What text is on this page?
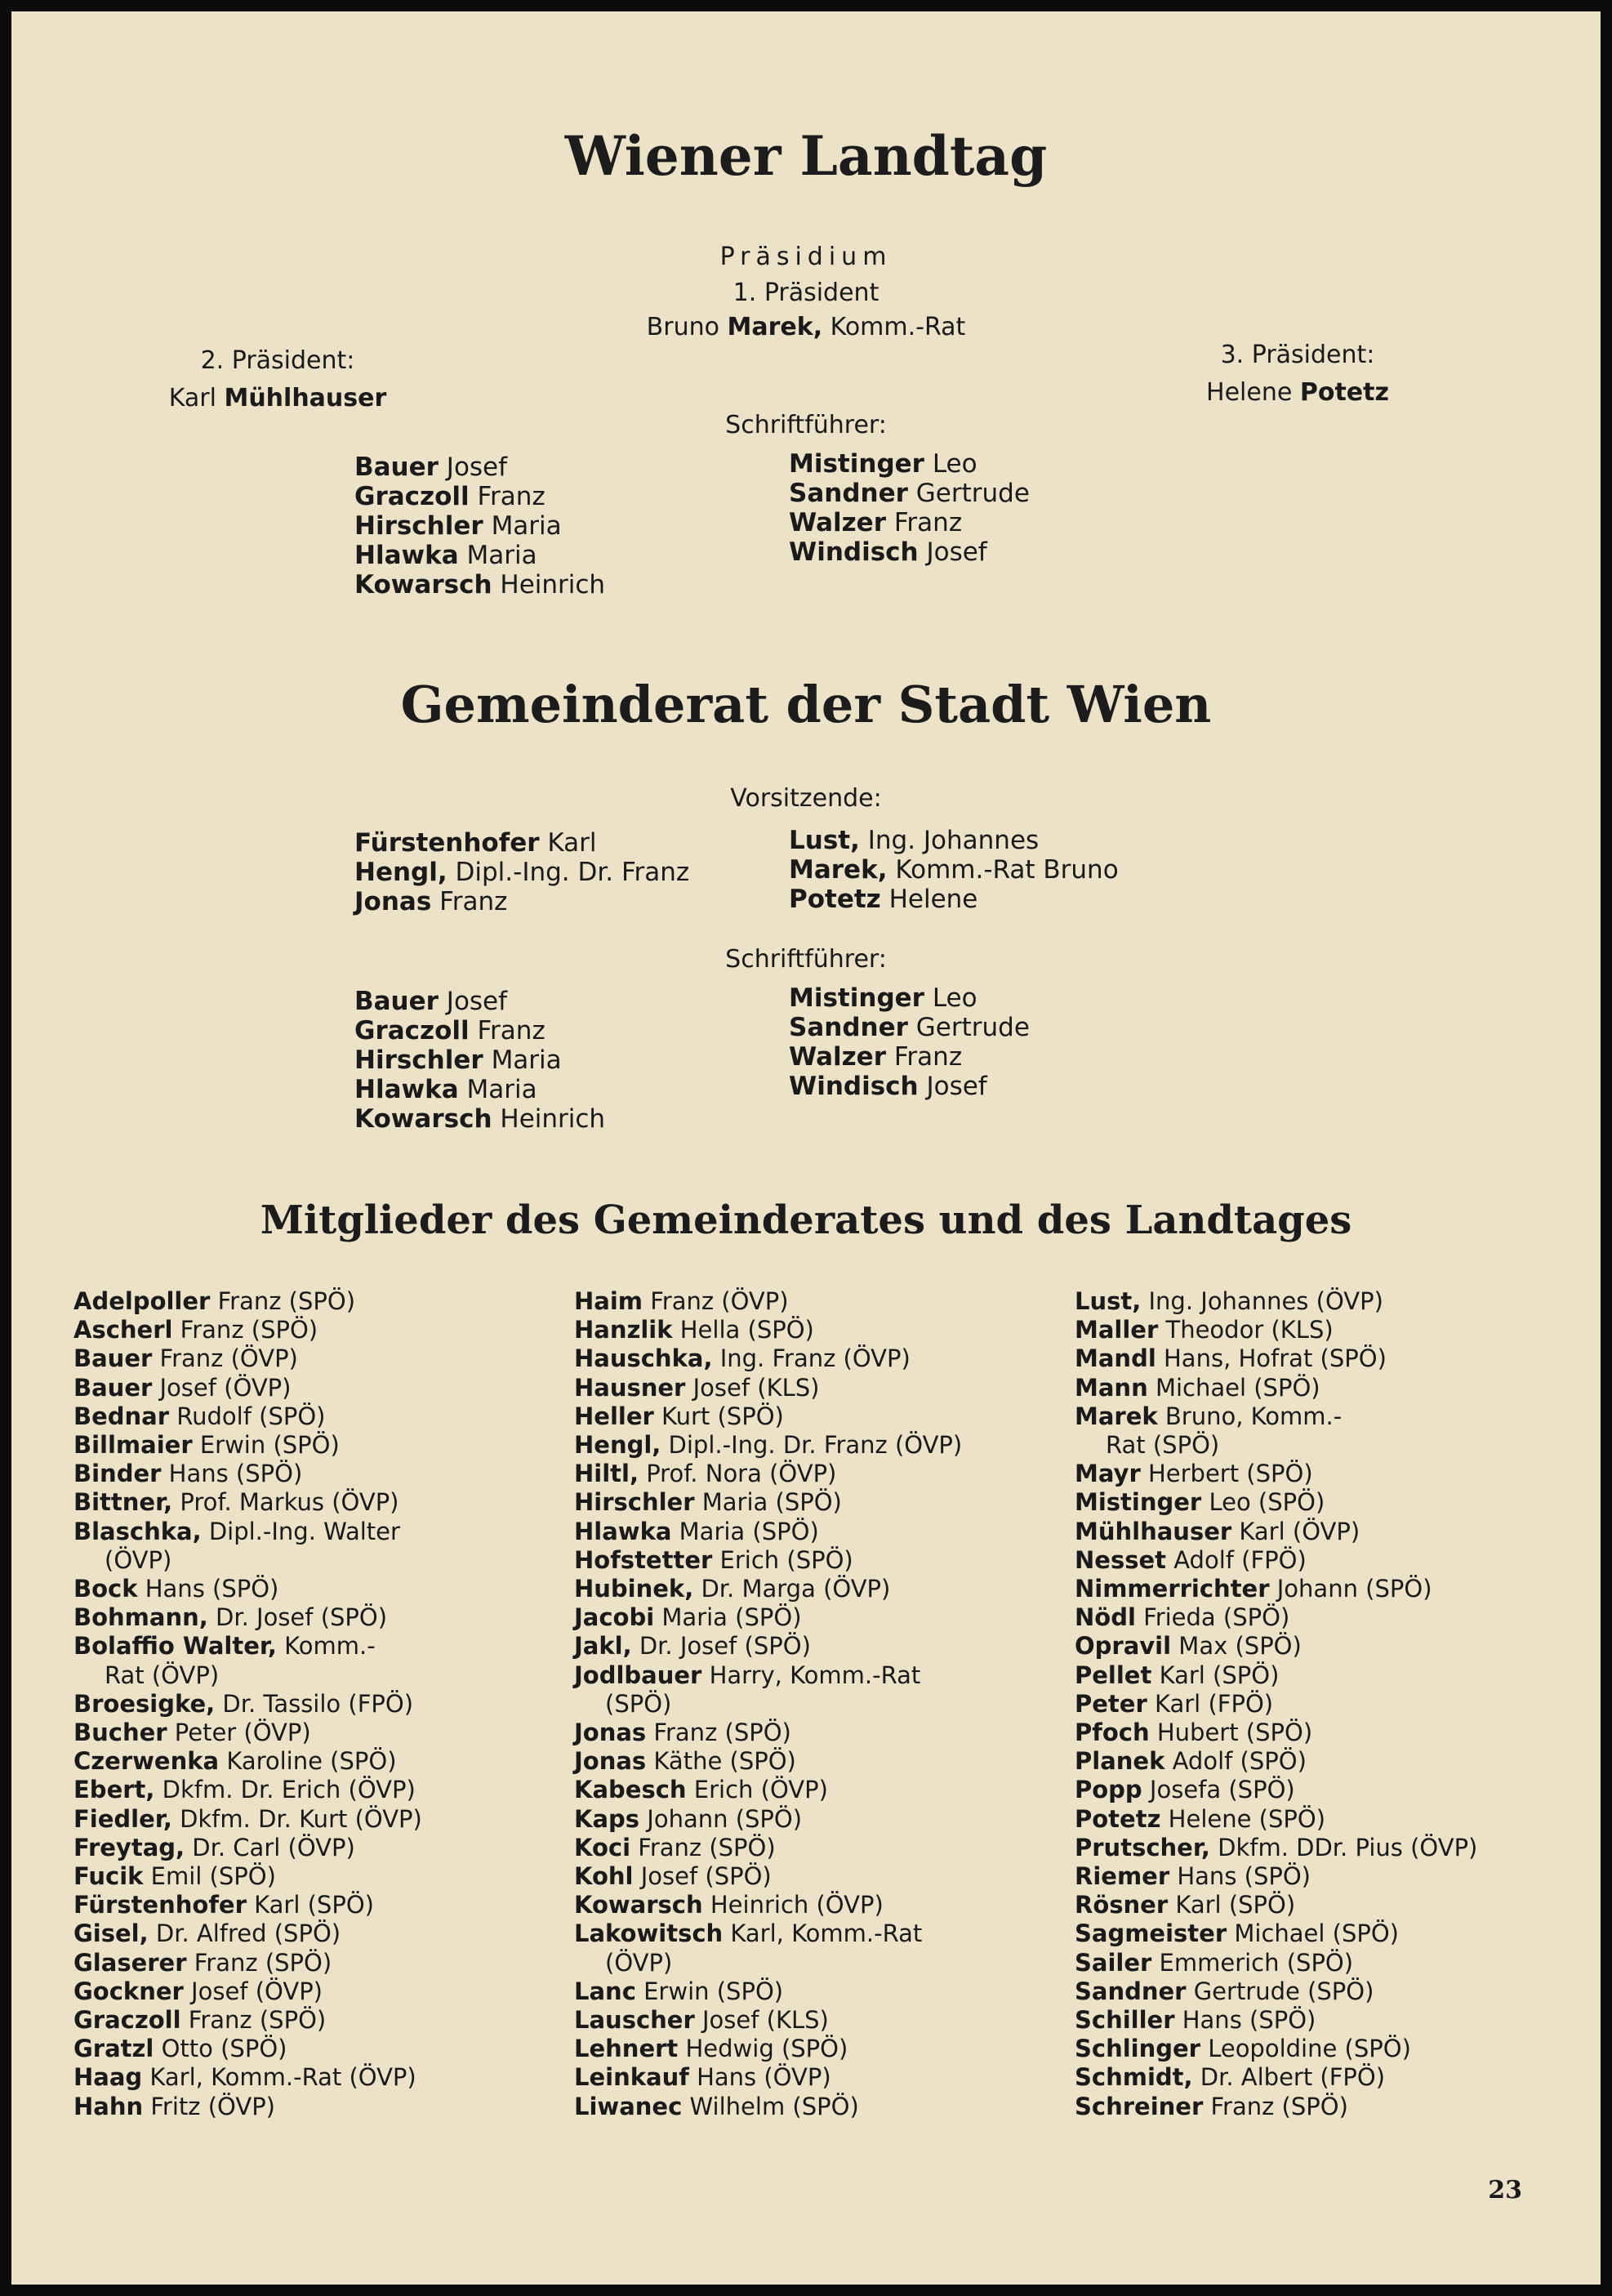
Wiener Landtag
Präsidium
1. Präsident
Bruno Marek, Komm.-Rat
2. Präsident:
Karl Mühlhauser
3. Präsident:
Helene Potetz
Schriftführer:
Bauer Josef
Graczoll Franz
Hirschler Maria
Hlawka Maria
Kowarsch Heinrich
Mistinger Leo
Sandner Gertrude
Walzer Franz
Windisch Josef
Gemeinderat der Stadt Wien
Vorsitzende:
Fürstenhofer Karl
Hengl, Dipl.-Ing. Dr. Franz
Jonas Franz
Lust, Ing. Johannes
Marek, Komm.-Rat Bruno
Potetz Helene
Schriftführer:
Bauer Josef
Graczoll Franz
Hirschler Maria
Hlawka Maria
Kowarsch Heinrich
Mistinger Leo
Sandner Gertrude
Walzer Franz
Windisch Josef
Mitglieder des Gemeinderates und des Landtages
Adelpoller Franz (SPÖ)
Ascherl Franz (SPÖ)
Bauer Franz (ÖVP)
Bauer Josef (ÖVP)
Bednar Rudolf (SPÖ)
Billmaier Erwin (SPÖ)
Binder Hans (SPÖ)
Bittner, Prof. Markus (ÖVP)
Blaschka, Dipl.-Ing. Walter
(ÖVP)
Bock Hans (SPÖ)
Bohmann, Dr. Josef (SPÖ)
Bolaffio Walter, Komm.-
Rat (ÖVP)
Broesigke, Dr. Tassilo (FPÖ)
Bucher Peter (ÖVP)
Czerwenka Karoline (SPÖ)
Ebert, Dkfm. Dr. Erich (ÖVP)
Fiedler, Dkfm. Dr. Kurt (ÖVP)
Freytag, Dr. Carl (ÖVP)
Fucik Emil (SPÖ)
Fürstenhofer Karl (SPÖ)
Gisel, Dr. Alfred (SPÖ)
Glaserer Franz (SPÖ)
Gockner Josef (ÖVP)
Graczoll Franz (SPÖ)
Gratzl Otto (SPÖ)
Haag Karl, Komm.-Rat (ÖVP)
Hahn Fritz (ÖVP)
Haim Franz (ÖVP)
Hanzlik Hella (SPÖ)
Hauschka, Ing. Franz (ÖVP)
Hausner Josef (KLS)
Heller Kurt (SPÖ)
Hengl, Dipl.-Ing. Dr. Franz (ÖVP)
Hiltl, Prof. Nora (ÖVP)
Hirschler Maria (SPÖ)
Hlawka Maria (SPÖ)
Hofstetter Erich (SPÖ)
Hubinek, Dr. Marga (ÖVP)
Jacobi Maria (SPÖ)
Jakl, Dr. Josef (SPÖ)
Jodlbauer Harry, Komm.-Rat
(SPÖ)
Jonas Franz (SPÖ)
Jonas Käthe (SPÖ)
Kabesch Erich (ÖVP)
Kaps Johann (SPÖ)
Koci Franz (SPÖ)
Kohl Josef (SPÖ)
Kowarsch Heinrich (ÖVP)
Lakowitsch Karl, Komm.-Rat
(ÖVP)
Lanc Erwin (SPÖ)
Lauscher Josef (KLS)
Lehnert Hedwig (SPÖ)
Leinkauf Hans (ÖVP)
Liwanec Wilhelm (SPÖ)
Lust, Ing. Johannes (ÖVP)
Maller Theodor (KLS)
Mandl Hans, Hofrat (SPÖ)
Mann Michael (SPÖ)
Marek Bruno, Komm.-
Rat (SPÖ)
Mayr Herbert (SPÖ)
Mistinger Leo (SPÖ)
Mühlhauser Karl (ÖVP)
Nesset Adolf (FPÖ)
Nimmerrichter Johann (SPÖ)
Nödl Frieda (SPÖ)
Opravil Max (SPÖ)
Pellet Karl (SPÖ)
Peter Karl (FPÖ)
Pfoch Hubert (SPÖ)
Planek Adolf (SPÖ)
Popp Josefa (SPÖ)
Potetz Helene (SPÖ)
Prutscher, Dkfm. DDr. Pius (ÖVP)
Riemer Hans (SPÖ)
Rösner Karl (SPÖ)
Sagmeister Michael (SPÖ)
Sailer Emmerich (SPÖ)
Sandner Gertrude (SPÖ)
Schiller Hans (SPÖ)
Schlinger Leopoldine (SPÖ)
Schmidt, Dr. Albert (FPÖ)
Schreiner Franz (SPÖ)
23
